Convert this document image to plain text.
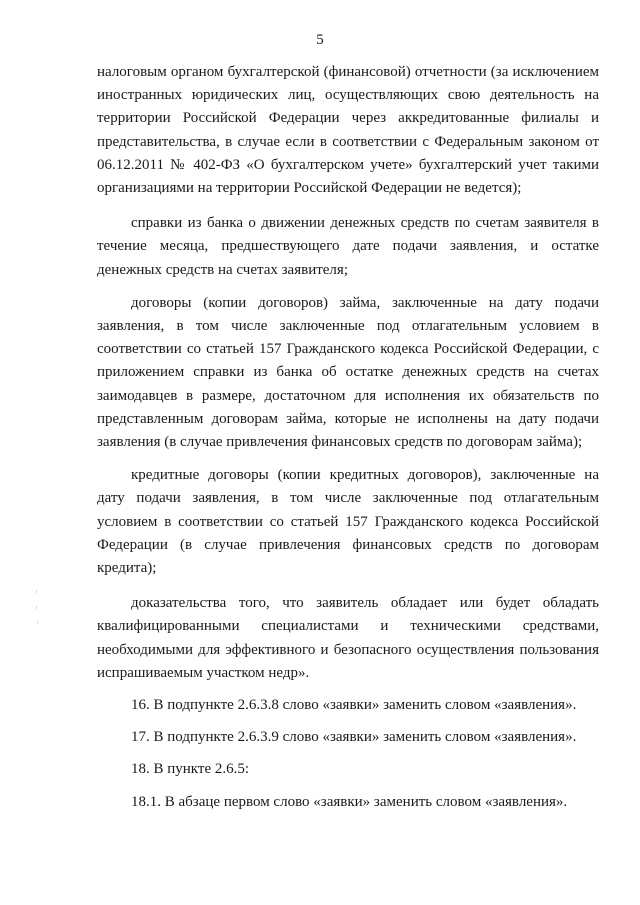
5

налоговым органом бухгалтерской (финансовой) отчетности (за исключением иностранных юридических лиц, осуществляющих свою деятельность на территории Российской Федерации через аккредитованные филиалы и представительства, в случае если в соответствии с Федеральным законом от 06.12.2011 № 402-ФЗ «О бухгалтерском учете» бухгалтерский учет такими организациями на территории Российской Федерации не ведется);

справки из банка о движении денежных средств по счетам заявителя в течение месяца, предшествующего дате подачи заявления, и остатке денежных средств на счетах заявителя;

договоры (копии договоров) займа, заключенные на дату подачи заявления, в том числе заключенные под отлагательным условием в соответствии со статьей 157 Гражданского кодекса Российской Федерации, с приложением справки из банка об остатке денежных средств на счетах заимодавцев в размере, достаточном для исполнения их обязательств по представленным договорам займа, которые не исполнены на дату подачи заявления (в случае привлечения финансовых средств по договорам займа);

кредитные договоры (копии кредитных договоров), заключенные на дату подачи заявления, в том числе заключенные под отлагательным условием в соответствии со статьей 157 Гражданского кодекса Российской Федерации (в случае привлечения финансовых средств по договорам кредита);

доказательства того, что заявитель обладает или будет обладать квалифицированными специалистами и техническими средствами, необходимыми для эффективного и безопасного осуществления пользования испрашиваемым участком недр».

16. В подпункте 2.6.3.8 слово «заявки» заменить словом «заявления».

17. В подпункте 2.6.3.9 слово «заявки» заменить словом «заявления».

18. В пункте 2.6.5:

18.1. В абзаце первом слово «заявки» заменить словом «заявления».
